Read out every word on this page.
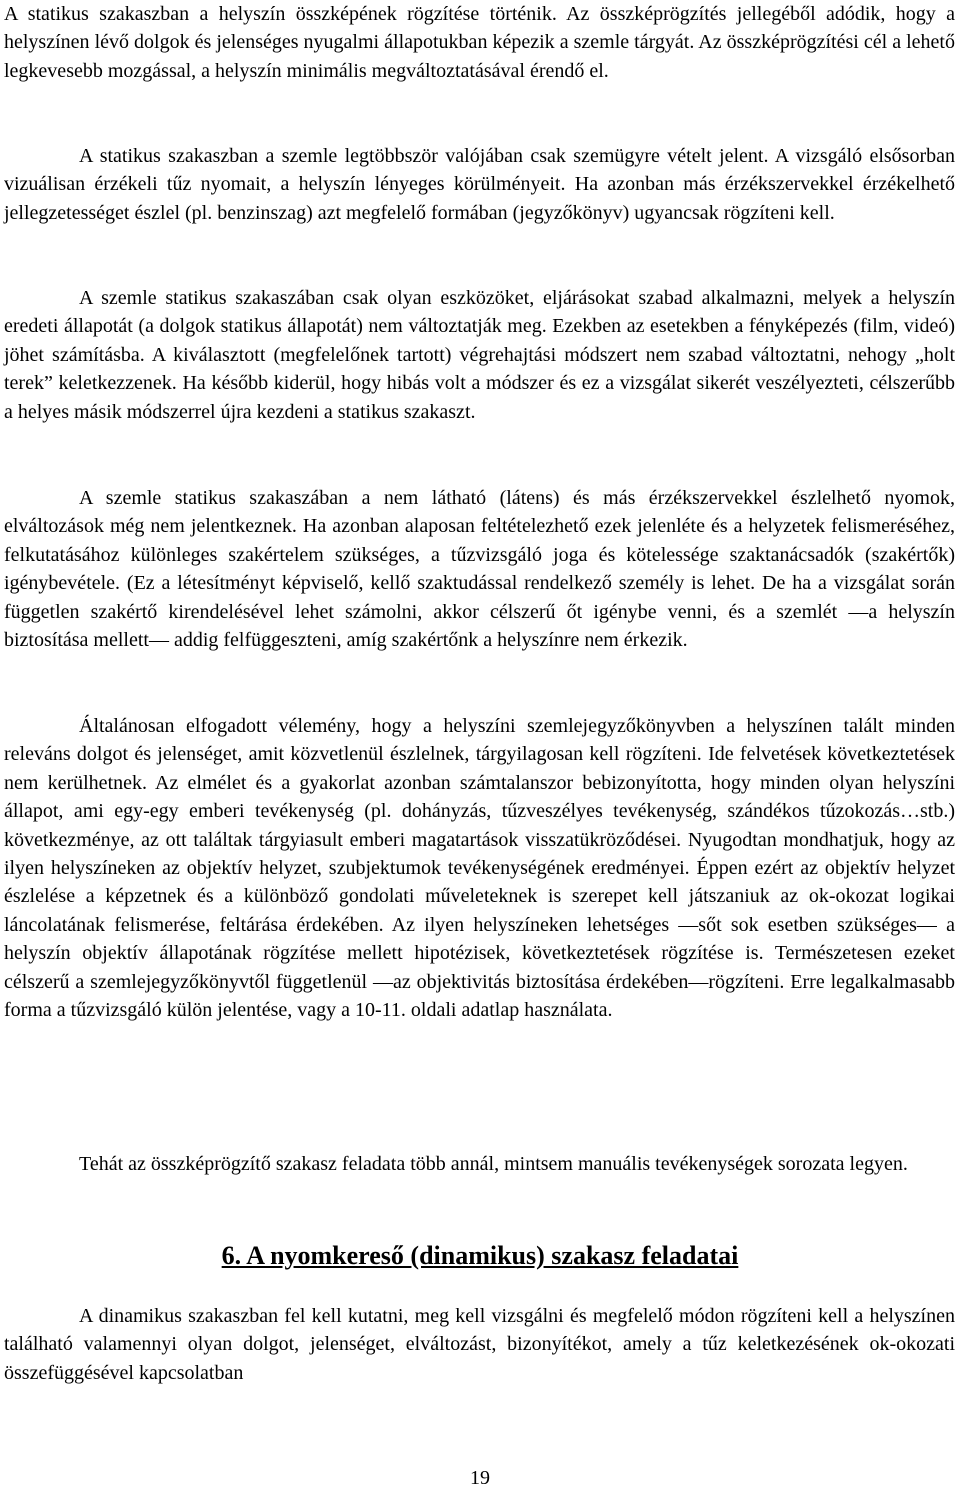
A statikus szakaszban a helyszín összképének rögzítése történik. Az összképrögzítés jellegéből adódik, hogy a helyszínen lévő dolgok és jelenséges nyugalmi állapotukban képezik a szemle tárgyát. Az összképrögzítési cél a lehető legkevesebb mozgással, a helyszín minimális megváltoztatásával érendő el.

A statikus szakaszban a szemle legtöbbször valójában csak szemügyre vételt jelent. A vizsgáló elsősorban vizuálisan érzékeli tűz nyomait, a helyszín lényeges körülményeit. Ha azonban más érzékszervekkel érzékelhető jellegzetességet észlel (pl. benzinszag) azt megfelelő formában (jegyzőkönyv) ugyancsak rögzíteni kell.

A szemle statikus szakaszában csak olyan eszközöket, eljárásokat szabad alkalmazni, melyek a helyszín eredeti állapotát (a dolgok statikus állapotát) nem változtatják meg. Ezekben az esetekben a fényképezés (film, videó) jöhet számításba. A kiválasztott (megfelelőnek tartott) végrehajtási módszert nem szabad változtatni, nehogy „holt terek” keletkezzenek. Ha később kiderül, hogy hibás volt a módszer és ez a vizsgálat sikerét veszélyezteti, célszerűbb a helyes másik módszerrel újra kezdeni a statikus szakaszt.

A szemle statikus szakaszában a nem látható (látens) és más érzékszervekkel észlelhető nyomok, elváltozások még nem jelentkeznek. Ha azonban alaposan feltételezhető ezek jelenléte és a helyzetek felismeréséhez, felkutatásához különleges szakértelem szükséges, a tűzvizsgáló joga és kötelessége szaktanácsadók (szakértők) igénybevétele. (Ez a létesítményt képviselő, kellő szaktudással rendelkező személy is lehet. De ha a vizsgálat során független szakértő kirendelésével lehet számolni, akkor célszerű őt igénybe venni, és a szemlét —a helyszín biztosítása mellett— addig felfüggeszteni, amíg szakértőnk a helyszínre nem érkezik.

Általánosan elfogadott vélemény, hogy a helyszíni szemlejegyzőkönyvben a helyszínen talált minden releváns dolgot és jelenséget, amit közvetlenül észlelnek, tárgyilagosan kell rögzíteni. Ide felvetések következtetések nem kerülhetnek. Az elmélet és a gyakorlat azonban számtalanszor bebizonyította, hogy minden olyan helyszíni állapot, ami egy-egy emberi tevékenység (pl. dohányzás, tűzveszélyes tevékenység, szándékos tűzokozás…stb.) következménye, az ott találtak tárgyiasult emberi magatartások visszatükröződései. Nyugodtan mondhatjuk, hogy az ilyen helyszíneken az objektív helyzet, szubjektumok tevékenységének eredményei. Éppen ezért az objektív helyzet észlelése a képzetnek és a különböző gondolati műveleteknek is szerepet kell játszaniuk az ok-okozat logikai láncolatának felismerése, feltárása érdekében. Az ilyen helyszíneken lehetséges —sőt sok esetben szükséges— a helyszín objektív állapotának rögzítése mellett hipotézisek, következtetések rögzítése is. Természetesen ezeket célszerű a szemlejegyzőkönyvtől függetlenül —az objektivitás biztosítása érdekében—rögzíteni. Erre legalkalmasabb forma a tűzvizsgáló külön jelentése, vagy a 10-11. oldali adatlap használata.

Tehát az összképrögzítő szakasz feladata több annál, mintsem manuális tevékenységek sorozata legyen.

6. A nyomkereső (dinamikus) szakasz feladatai

A dinamikus szakaszban fel kell kutatni, meg kell vizsgálni és megfelelő módon rögzíteni kell a helyszínen található valamennyi olyan dolgot, jelenséget, elváltozást, bizonyítékot, amely a tűz keletkezésének ok-okozati összefüggésével kapcsolatban

19
